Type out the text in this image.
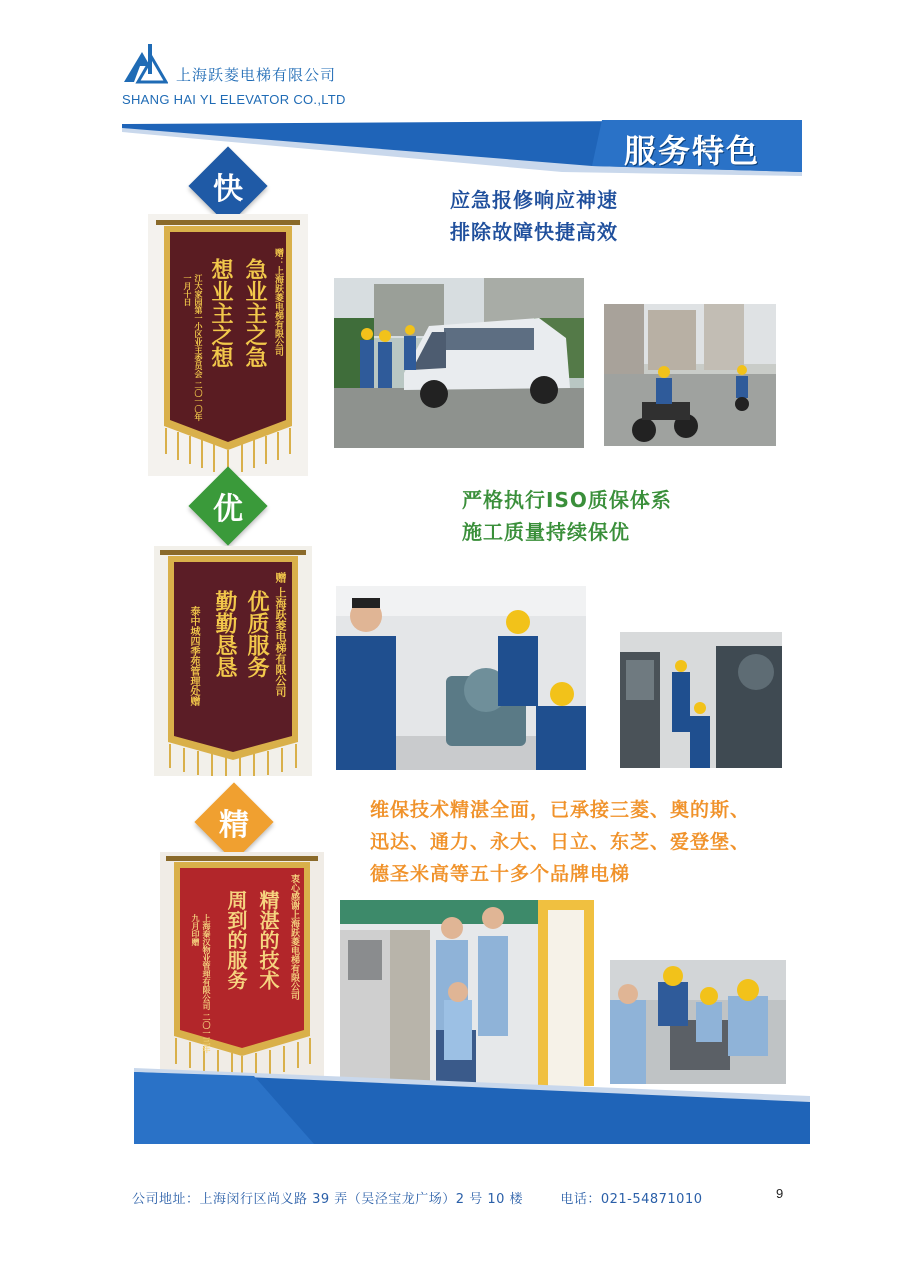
上海跃菱电梯有限公司
SHANG HAI YL ELEVATOR CO.,LTD
服务特色
快	应急报修响应神速
排除故障快捷高效
赠：上海跃菱电梯有限公司
急业主之急
想业主之想
江大家园第一小区业主委员会 二〇一〇年一月十日
优	严格执行ISO质保体系
施工质量持续保优
赠 上海跃菱电梯有限公司
优质服务
勤勤恳恳
泰中城四季苑管理处赠
精	维保技术精湛全面，已承接三菱、奥的斯、
迅达、通力、永大、日立、东芝、爱登堡、
德圣米高等五十多个品牌电梯
衷心感谢上海跃菱电梯有限公司
精湛的技术
周到的服务
上海秦汉物业管理有限公司 二〇一三年九月印赠
公司地址：上海闵行区尚义路 39 弄（吴泾宝龙广场）2 号 10 楼	电话：021-54871010	9
